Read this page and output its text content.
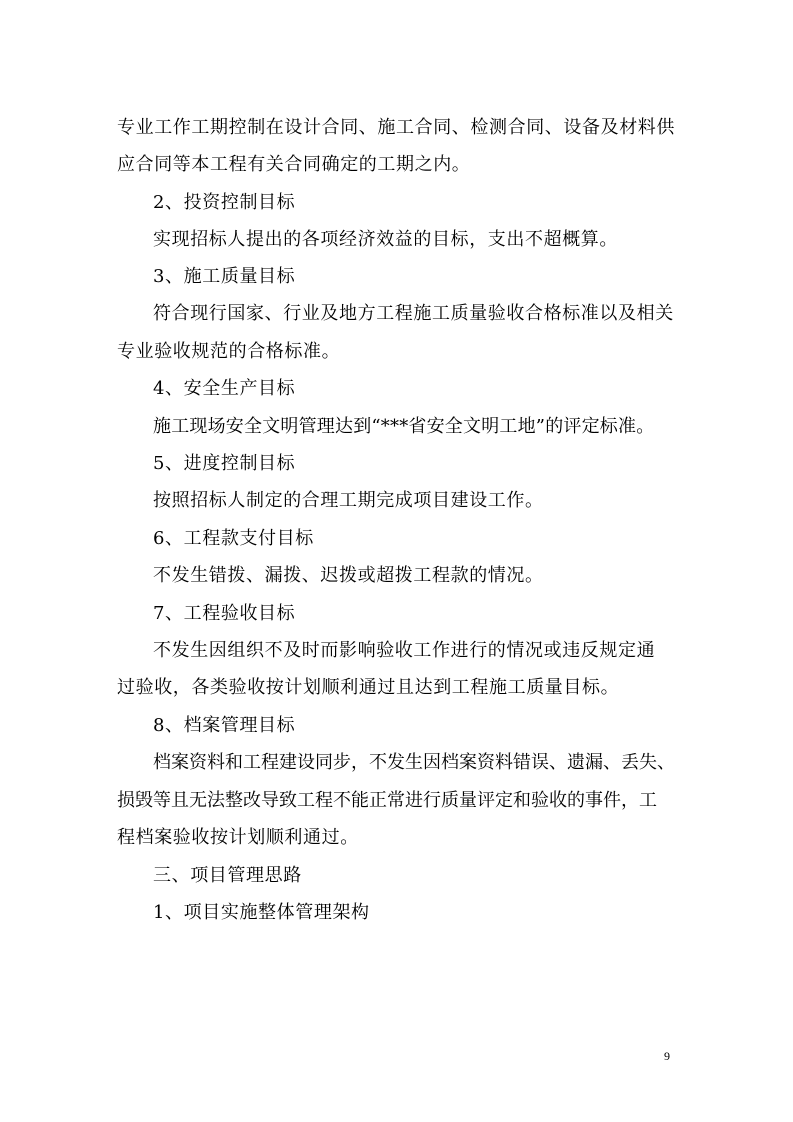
专业工作工期控制在设计合同、施工合同、检测合同、设备及材料供
应合同等本工程有关合同确定的工期之内。
2、投资控制目标
实现招标人提出的各项经济效益的目标，支出不超概算。
3、施工质量目标
符合现行国家、行业及地方工程施工质量验收合格标准以及相关
专业验收规范的合格标准。
4、安全生产目标
施工现场安全文明管理达到“***省安全文明工地”的评定标准。
5、进度控制目标
按照招标人制定的合理工期完成项目建设工作。
6、工程款支付目标
不发生错拨、漏拨、迟拨或超拨工程款的情况。
7、工程验收目标
不发生因组织不及时而影响验收工作进行的情况或违反规定通
过验收，各类验收按计划顺利通过且达到工程施工质量目标。
8、档案管理目标
档案资料和工程建设同步，不发生因档案资料错误、遗漏、丢失、
损毁等且无法整改导致工程不能正常进行质量评定和验收的事件，工
程档案验收按计划顺利通过。
三、项目管理思路
1、项目实施整体管理架构
9
